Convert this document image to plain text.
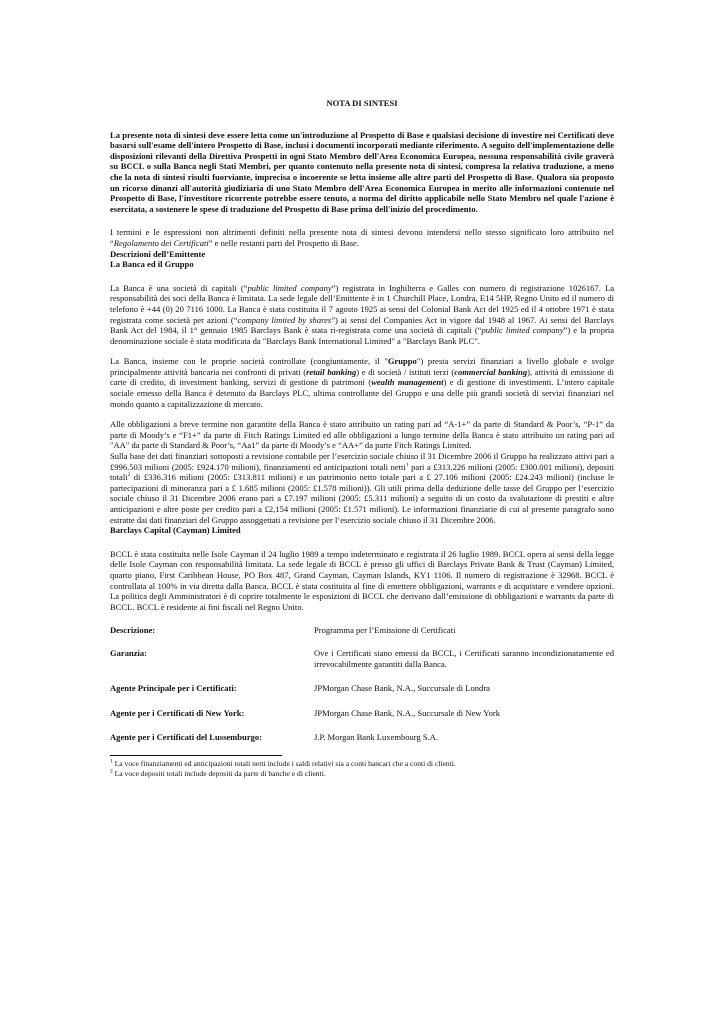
NOTA DI SINTESI

La presente nota di sintesi deve essere letta come un'introduzione al Prospetto di Base e qualsiasi decisione di investire nei Certificati deve basarsi sull'esame dell'intero Prospetto di Base, inclusi i documenti incorporati mediante riferimento. A seguito dell'implementazione delle disposizioni rilevanti della Direttiva Prospetti in ogni Stato Membro dell'Area Economica Europea, nessuna responsabilità civile graverà su BCCL o sulla Banca negli Stati Membri, per quanto contenuto nella presente nota di sintesi, compresa la relativa traduzione, a meno che la nota di sintesi risulti fuorviante, imprecisa o incoerente se letta insieme alle altre parti del Prospetto di Base. Qualora sia proposto un ricorso dinanzi all'autorità giudiziaria di uno Stato Membro dell'Area Economica Europea in merito alle informazioni contenute nel Prospetto di Base, l'investitore ricorrente potrebbe essere tenuto, a norma del diritto applicabile nello Stato Membro nel quale l'azione è esercitata, a sostenere le spese di traduzione del Prospetto di Base prima dell'inizio del procedimento.

I termini e le espressioni non altrimenti definiti nella presente nota di sintesi devono intendersi nello stesso significato loro attribuito nel “Regolamento dei Certificati” e nelle restanti parti del Prospetto di Base.

Descrizioni dell’Emittente

La Banca ed il Gruppo

La Banca è una società di capitali (“public limited company”) registrata in Inghilterra e Galles con numero di registrazione 1026167. La responsabilità dei soci della Banca è limitata. La sede legale dell’Emittente è in 1 Churchill Place, Londra, E14 5HP, Regno Unito ed il numero di telefono è +44 (0) 20 7116 1000. La Banca è stata costituita il 7 agosto 1925 ai sensi del Colonial Bank Act del 1925 ed il 4 ottobre 1971 è stata registrata come società per azioni (“company limited by shares”) ai sensi del Companies Act in vigore dal 1948 al 1967. Ai sensi del Barclays Bank Act del 1984, il 1° gennaio 1985 Barclays Bank è stata ri-registrata come una società di capitali (“public limited company”) e la propria denominazione sociale è stata modificata da "Barclays Bank International Limited" a "Barclays Bank PLC".

La Banca, insieme con le proprie società controllate (congiuntamente, il "Gruppo") presta servizi finanziari a livello globale e svolge principalmente attività bancaria nei confronti di privati (retail banking) e di società / istituti terzi (commercial banking), attività di emissione di carte di credito, di investment banking, servizi di gestione di patrimoni (wealth management) e di gestione di investimenti. L’intero capitale sociale emesso della Banca è detenuto da Barclays PLC, ultima controllante del Gruppo e una delle più grandi società di servizi finanziari nel mondo quanto a capitalizzazione di mercato.

Alle obbligazioni a breve termine non garantite della Banca è stato attribuito un rating pari ad “A-1+” da parte di Standard & Poor’s, “P-1” da parte di Moody’s e “F1+” da parte di Fitch Ratings Limited ed alle obbligazioni a lungo termine della Banca è stato attribuito un rating pari ad "AA" da parte di Standard & Poor’s, “Aa1” da parte di Moody’s e “AA+” da parte Fitch Ratings Limited.

Sulla base dei dati finanziari sottoposti a revisione contabile per l’esercizio sociale chiuso il 31 Dicembre 2006 il Gruppo ha realizzato attivi pari a £996.503 milioni (2005: £924.170 milioni), finanziamenti ed anticipazioni totali netti$^1$ pari a £313.226 milioni (2005: £300.001 milioni), depositi totali$^2$ di £336.316 milioni (2005: £313.811 milioni) e un patrimonio netto totale pari a £ 27.106 milioni (2005: £24.243 milioni) (incluse le partecipazioni di minoranza pari a £ 1.685 milioni (2005: £1.578 milioni)). Gli utili prima della deduzione delle tasse del Gruppo per l’esercizio sociale chiuso il 31 Dicembre 2006 erano pari a £7.197 milioni (2005: £5.311 milioni) a seguito di un costo da svalutazione di prestiti e altre anticipazioni e altre poste per credito pari a £2,154 milioni (2005: £1.571 milioni). Le informazioni finanziarie di cui al presente paragrafo sono estratte dai dati finanziari del Gruppo assoggettati a revisione per l’esercizio sociale chiuso il 31 Dicembre 2006.

Barclays Capital (Cayman) Limited

BCCL è stata costituita nelle Isole Cayman il 24 luglio 1989 a tempo indeterminato e registrata il 26 luglio 1989. BCCL opera ai sensi della legge delle Isole Cayman con responsabilità limitata. La sede legale di BCCL è presso gli uffici di Barclays Private Bank & Trust (Cayman) Limited, quarto piano, First Caribbean House, PO Box 487, Grand Cayman, Cayman Islands, KY1 1106. Il numero di registrazione è 32968. BCCL è controllata al 100% in via diretta dalla Banca. BCCL è stata costituita al fine di emettere obbligazioni, warrants e di acquistare e vendere opzioni. La politica degli Amministratori è di coprire totalmente le esposizioni di BCCL che derivano dall’emissione di obbligazioni e warrants da parte di BCCL. BCCL è residente ai fini fiscali nel Regno Unito.

Descrizione:	Programma per l’Emissione di Certificati
Garanzia:	Ove i Certificati siano emessi da BCCL, i Certificati saranno incondizionatamente ed irrevocabilmente garantiti dalla Banca.
Agente Principale per i Certificati:	JPMorgan Chase Bank, N.A., Succursale di Londra
Agente per i Certificati di New York:	JPMorgan Chase Bank, N.A., Succursale di New York
Agente per i Certificati del Lussemburgo:	J.P. Morgan Bank Luxembourg S.A.
$^1$ La voce finanziamenti ed anticipazioni totali netti include i saldi relativi sia a conti bancari che a conti di clienti.
$^2$ La voce depositi totali include depositi da parte di banche e di clienti.
